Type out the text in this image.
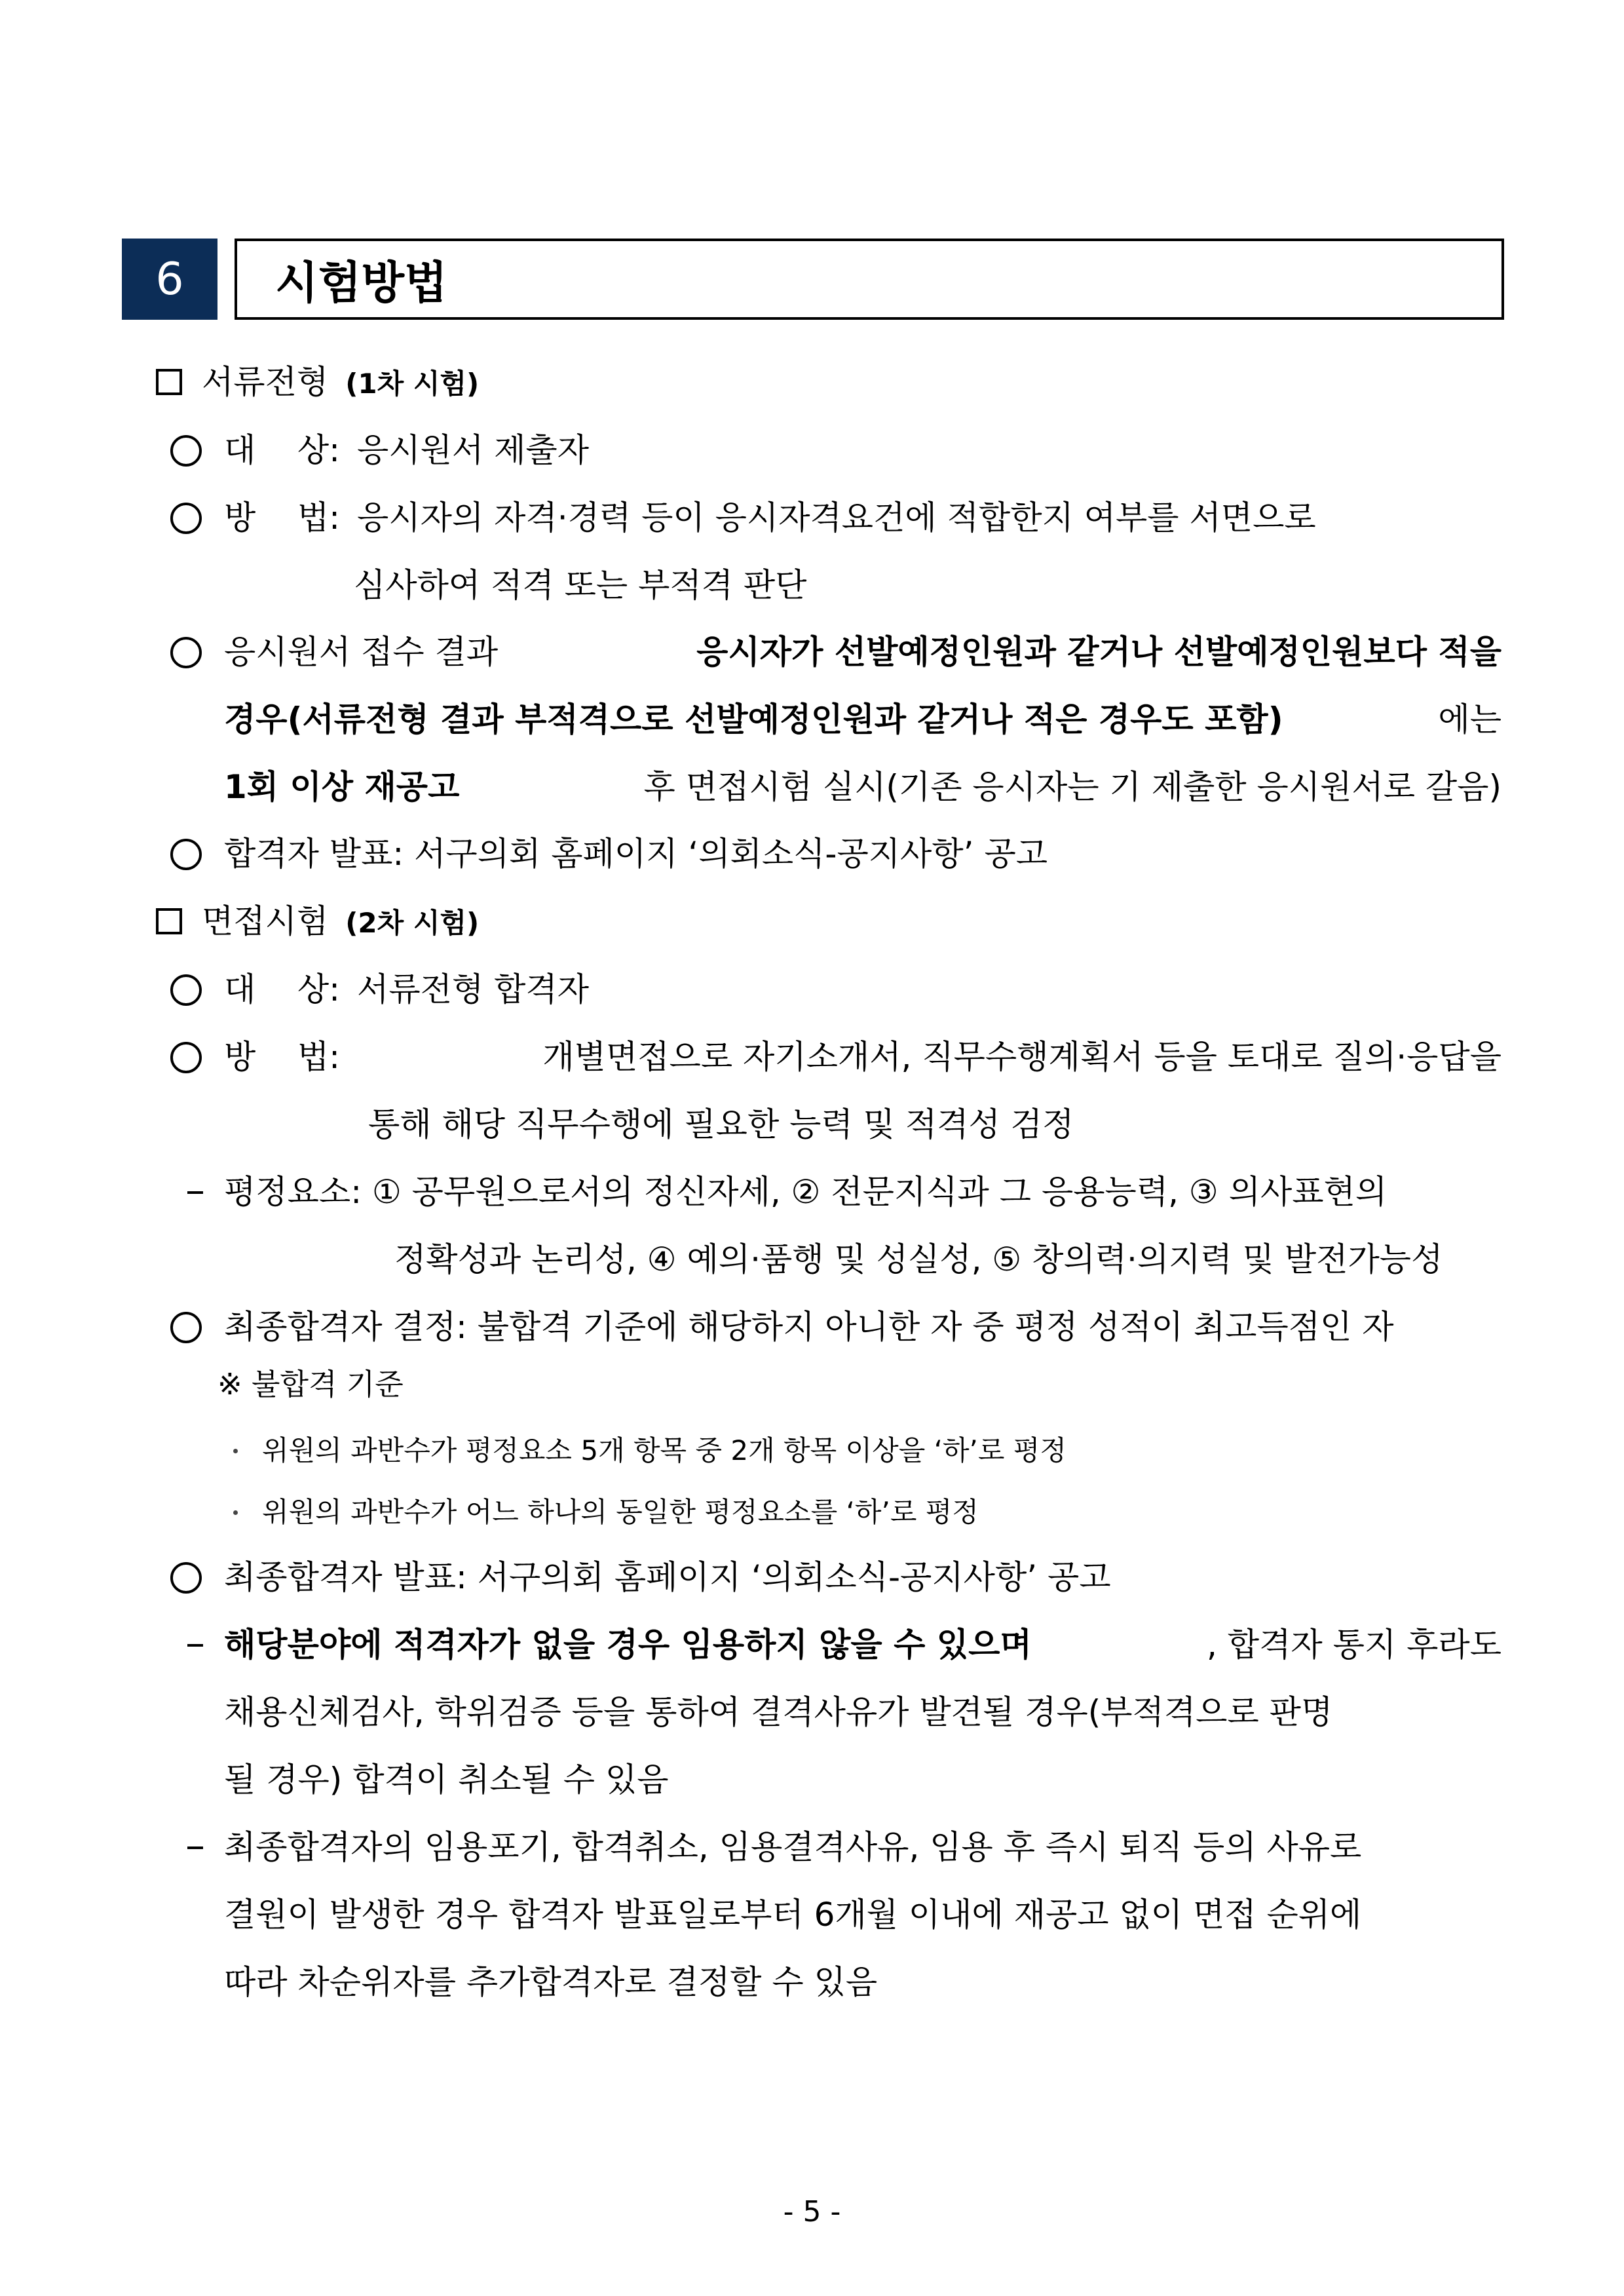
6	시험방법
서류전형 (1차 시험)
대    상: 응시원서 제출자
방    법: 응시자의 자격·경력 등이 응시자격요건에 적합한지 여부를 서면으로
심사하여 적격 또는 부적격 판단
응시원서 접수 결과	응시자가 선발예정인원과 같거나 선발예정인원보다 적을
경우(서류전형 결과 부적격으로 선발예정인원과 같거나 적은 경우도 포함)	에는
1회 이상 재공고	후 면접시험 실시(기존 응시자는 기 제출한 응시원서로 갈음)
합격자 발표: 서구의회 홈페이지 ‘의회소식-공지사항’ 공고
면접시험 (2차 시험)
대    상: 서류전형 합격자
방    법:	개별면접으로 자기소개서, 직무수행계획서 등을 토대로 질의·응답을
통해 해당 직무수행에 필요한 능력 및 적격성 검정
평정요소: ① 공무원으로서의 정신자세, ② 전문지식과 그 응용능력, ③ 의사표현의
정확성과 논리성, ④ 예의·품행 및 성실성, ⑤ 창의력·의지력 및 발전가능성
최종합격자 결정: 불합격 기준에 해당하지 아니한 자 중 평정 성적이 최고득점인 자
※ 불합격 기준
위원의 과반수가 평정요소 5개 항목 중 2개 항목 이상을 ‘하’로 평정
위원의 과반수가 어느 하나의 동일한 평정요소를 ‘하’로 평정
최종합격자 발표: 서구의회 홈페이지 ‘의회소식-공지사항’ 공고
해당분야에 적격자가 없을 경우 임용하지 않을 수 있으며	, 합격자 통지 후라도
채용신체검사, 학위검증 등을 통하여 결격사유가 발견될 경우(부적격으로 판명
될 경우) 합격이 취소될 수 있음
최종합격자의 임용포기, 합격취소, 임용결격사유, 임용 후 즉시 퇴직 등의 사유로
결원이 발생한 경우 합격자 발표일로부터 6개월 이내에 재공고 없이 면접 순위에
따라 차순위자를 추가합격자로 결정할 수 있음
- 5 -
